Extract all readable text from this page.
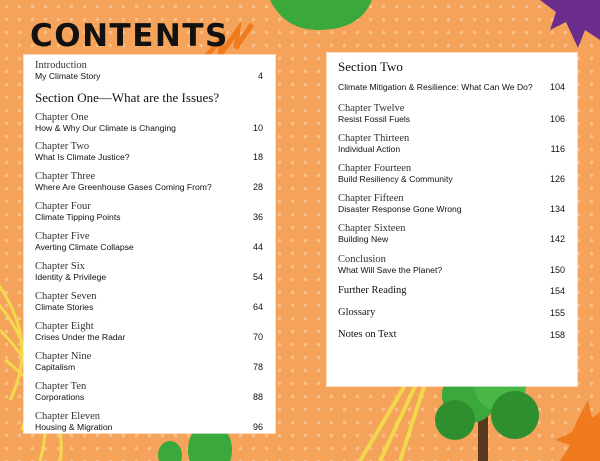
CONTENTS
Introduction
My Climate Story	4
Section One—What are the Issues?
Chapter One
How & Why Our Climate is Changing	10
Chapter Two
What Is Climate Justice?	18
Chapter Three
Where Are Greenhouse Gases Coming From?	28
Chapter Four
Climate Tipping Points	36
Chapter Five
Averting Climate Collapse	44
Chapter Six
Identity & Privilege	54
Chapter Seven
Climate Stories	64
Chapter Eight
Crises Under the Radar	70
Chapter Nine
Capitalism	78
Chapter Ten
Corporations	88
Chapter Eleven
Housing & Migration	96
Section Two
Climate Mitigation & Resilience: What Can We Do?	104
Chapter Twelve
Resist Fossil Fuels	106
Chapter Thirteen
Individual Action	116
Chapter Fourteen
Build Resiliency & Community	126
Chapter Fifteen
Disaster Response Gone Wrong	134
Chapter Sixteen
Building New	142
Conclusion
What Will Save the Planet?	150
Further Reading	154
Glossary	155
Notes on Text	158
